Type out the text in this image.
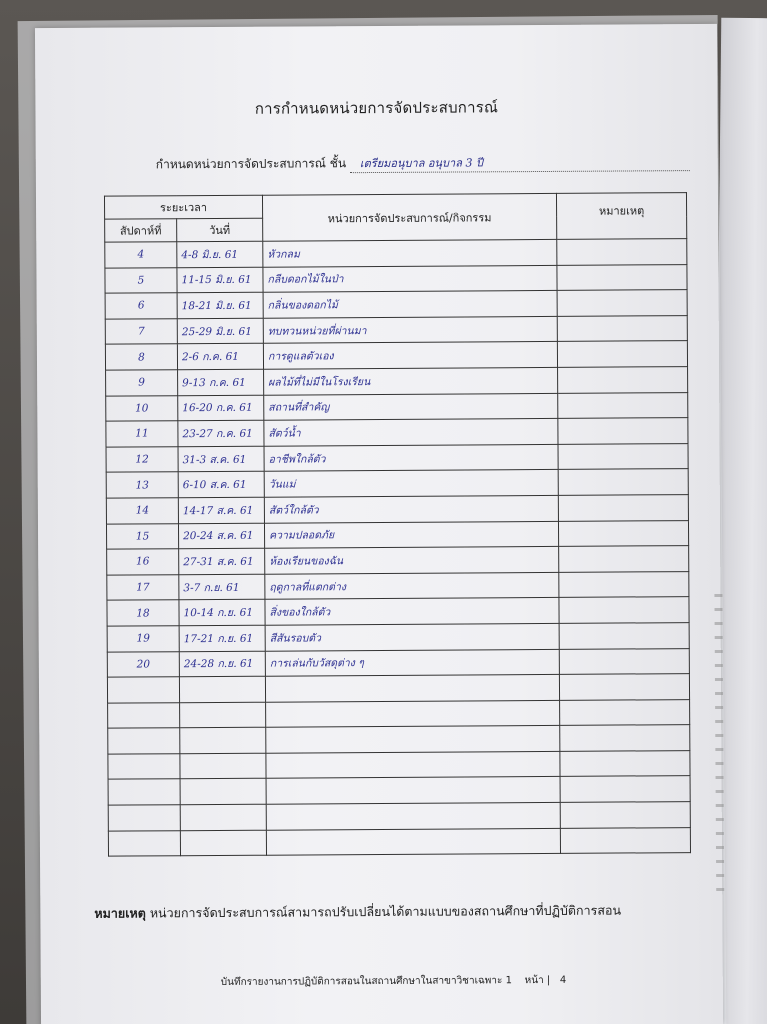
การกำหนดหน่วยการจัดประสบการณ์
กำหนดหน่วยการจัดประสบการณ์ ชั้น เตรียมอนุบาล อนุบาล 3 ปี
ระยะเวลา		หน่วยการจัดประสบการณ์/กิจกรรม	หมายเหตุ
สัปดาห์ที่	วันที่		
4	4-8 มิ.ย. 61	หัวกลม	
5	11-15 มิ.ย. 61	กลีบดอกไม้ในป่า	
6	18-21 มิ.ย. 61	กลิ่นของดอกไม้	
7	25-29 มิ.ย. 61	ทบทวนหน่วยที่ผ่านมา	
8	2-6 ก.ค. 61	การดูแลตัวเอง	
9	9-13 ก.ค. 61	ผลไม้ที่ไม่มีในโรงเรียน	
10	16-20 ก.ค. 61	สถานที่สำคัญ	
11	23-27 ก.ค. 61	สัตว์น้ำ	
12	31-3 ส.ค. 61	อาชีพใกล้ตัว	
13	6-10 ส.ค. 61	วันแม่	
14	14-17 ส.ค. 61	สัตว์ใกล้ตัว	
15	20-24 ส.ค. 61	ความปลอดภัย	
16	27-31 ส.ค. 61	ห้องเรียนของฉัน	
17	3-7 ก.ย. 61	ฤดูกาลที่แตกต่าง	
18	10-14 ก.ย. 61	สิ่งของใกล้ตัว	
19	17-21 ก.ย. 61	สีสันรอบตัว	
20	24-28 ก.ย. 61	การเล่นกับวัสดุต่าง ๆ	

หมายเหตุ หน่วยการจัดประสบการณ์สามารถปรับเปลี่ยนได้ตามแบบของสถานศึกษาที่ปฏิบัติการสอน
บันทึกรายงานการปฏิบัติการสอนในสถานศึกษาในสาขาวิชาเฉพาะ 1 หน้า |   4
